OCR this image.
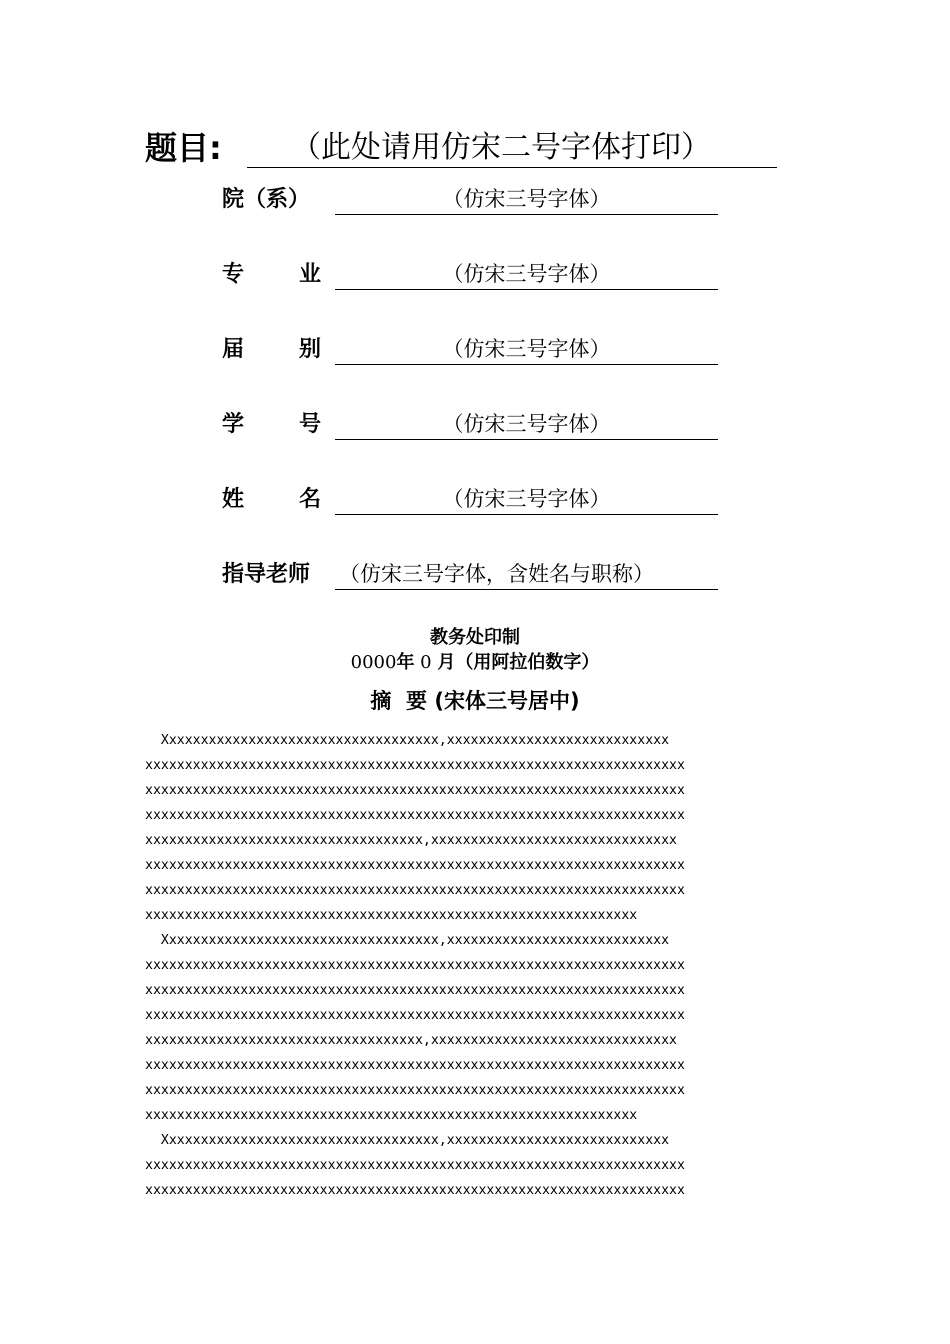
题目:	（此处请用仿宋二号字体打印）
院（系）	（仿宋三号字体）
专 业	（仿宋三号字体）
届 别	（仿宋三号字体）
学 号	（仿宋三号字体）
姓 名	（仿宋三号字体）
指导老师 （仿宋三号字体，含姓名与职称）
教务处印制
0000年 0 月（用阿拉伯数字）
摘  要 (宋体三号居中)
Xxxxxxxxxxxxxxxxxxxxxxxxxxxxxxxxxxx,xxxxxxxxxxxxxxxxxxxxxxxxxxxx
xxxxxxxxxxxxxxxxxxxxxxxxxxxxxxxxxxxxxxxxxxxxxxxxxxxxxxxxxxxxxxxxxxxx
xxxxxxxxxxxxxxxxxxxxxxxxxxxxxxxxxxxxxxxxxxxxxxxxxxxxxxxxxxxxxxxxxxxx
xxxxxxxxxxxxxxxxxxxxxxxxxxxxxxxxxxxxxxxxxxxxxxxxxxxxxxxxxxxxxxxxxxxx
xxxxxxxxxxxxxxxxxxxxxxxxxxxxxxxxxxx,xxxxxxxxxxxxxxxxxxxxxxxxxxxxxxx
xxxxxxxxxxxxxxxxxxxxxxxxxxxxxxxxxxxxxxxxxxxxxxxxxxxxxxxxxxxxxxxxxxxx
xxxxxxxxxxxxxxxxxxxxxxxxxxxxxxxxxxxxxxxxxxxxxxxxxxxxxxxxxxxxxxxxxxxx
xxxxxxxxxxxxxxxxxxxxxxxxxxxxxxxxxxxxxxxxxxxxxxxxxxxxxxxxxxxxxx
Xxxxxxxxxxxxxxxxxxxxxxxxxxxxxxxxxxx,xxxxxxxxxxxxxxxxxxxxxxxxxxxx
xxxxxxxxxxxxxxxxxxxxxxxxxxxxxxxxxxxxxxxxxxxxxxxxxxxxxxxxxxxxxxxxxxxx
xxxxxxxxxxxxxxxxxxxxxxxxxxxxxxxxxxxxxxxxxxxxxxxxxxxxxxxxxxxxxxxxxxxx
xxxxxxxxxxxxxxxxxxxxxxxxxxxxxxxxxxxxxxxxxxxxxxxxxxxxxxxxxxxxxxxxxxxx
xxxxxxxxxxxxxxxxxxxxxxxxxxxxxxxxxxx,xxxxxxxxxxxxxxxxxxxxxxxxxxxxxxx
xxxxxxxxxxxxxxxxxxxxxxxxxxxxxxxxxxxxxxxxxxxxxxxxxxxxxxxxxxxxxxxxxxxx
xxxxxxxxxxxxxxxxxxxxxxxxxxxxxxxxxxxxxxxxxxxxxxxxxxxxxxxxxxxxxxxxxxxx
xxxxxxxxxxxxxxxxxxxxxxxxxxxxxxxxxxxxxxxxxxxxxxxxxxxxxxxxxxxxxx
Xxxxxxxxxxxxxxxxxxxxxxxxxxxxxxxxxxx,xxxxxxxxxxxxxxxxxxxxxxxxxxxx
xxxxxxxxxxxxxxxxxxxxxxxxxxxxxxxxxxxxxxxxxxxxxxxxxxxxxxxxxxxxxxxxxxxx
xxxxxxxxxxxxxxxxxxxxxxxxxxxxxxxxxxxxxxxxxxxxxxxxxxxxxxxxxxxxxxxxxxxx
